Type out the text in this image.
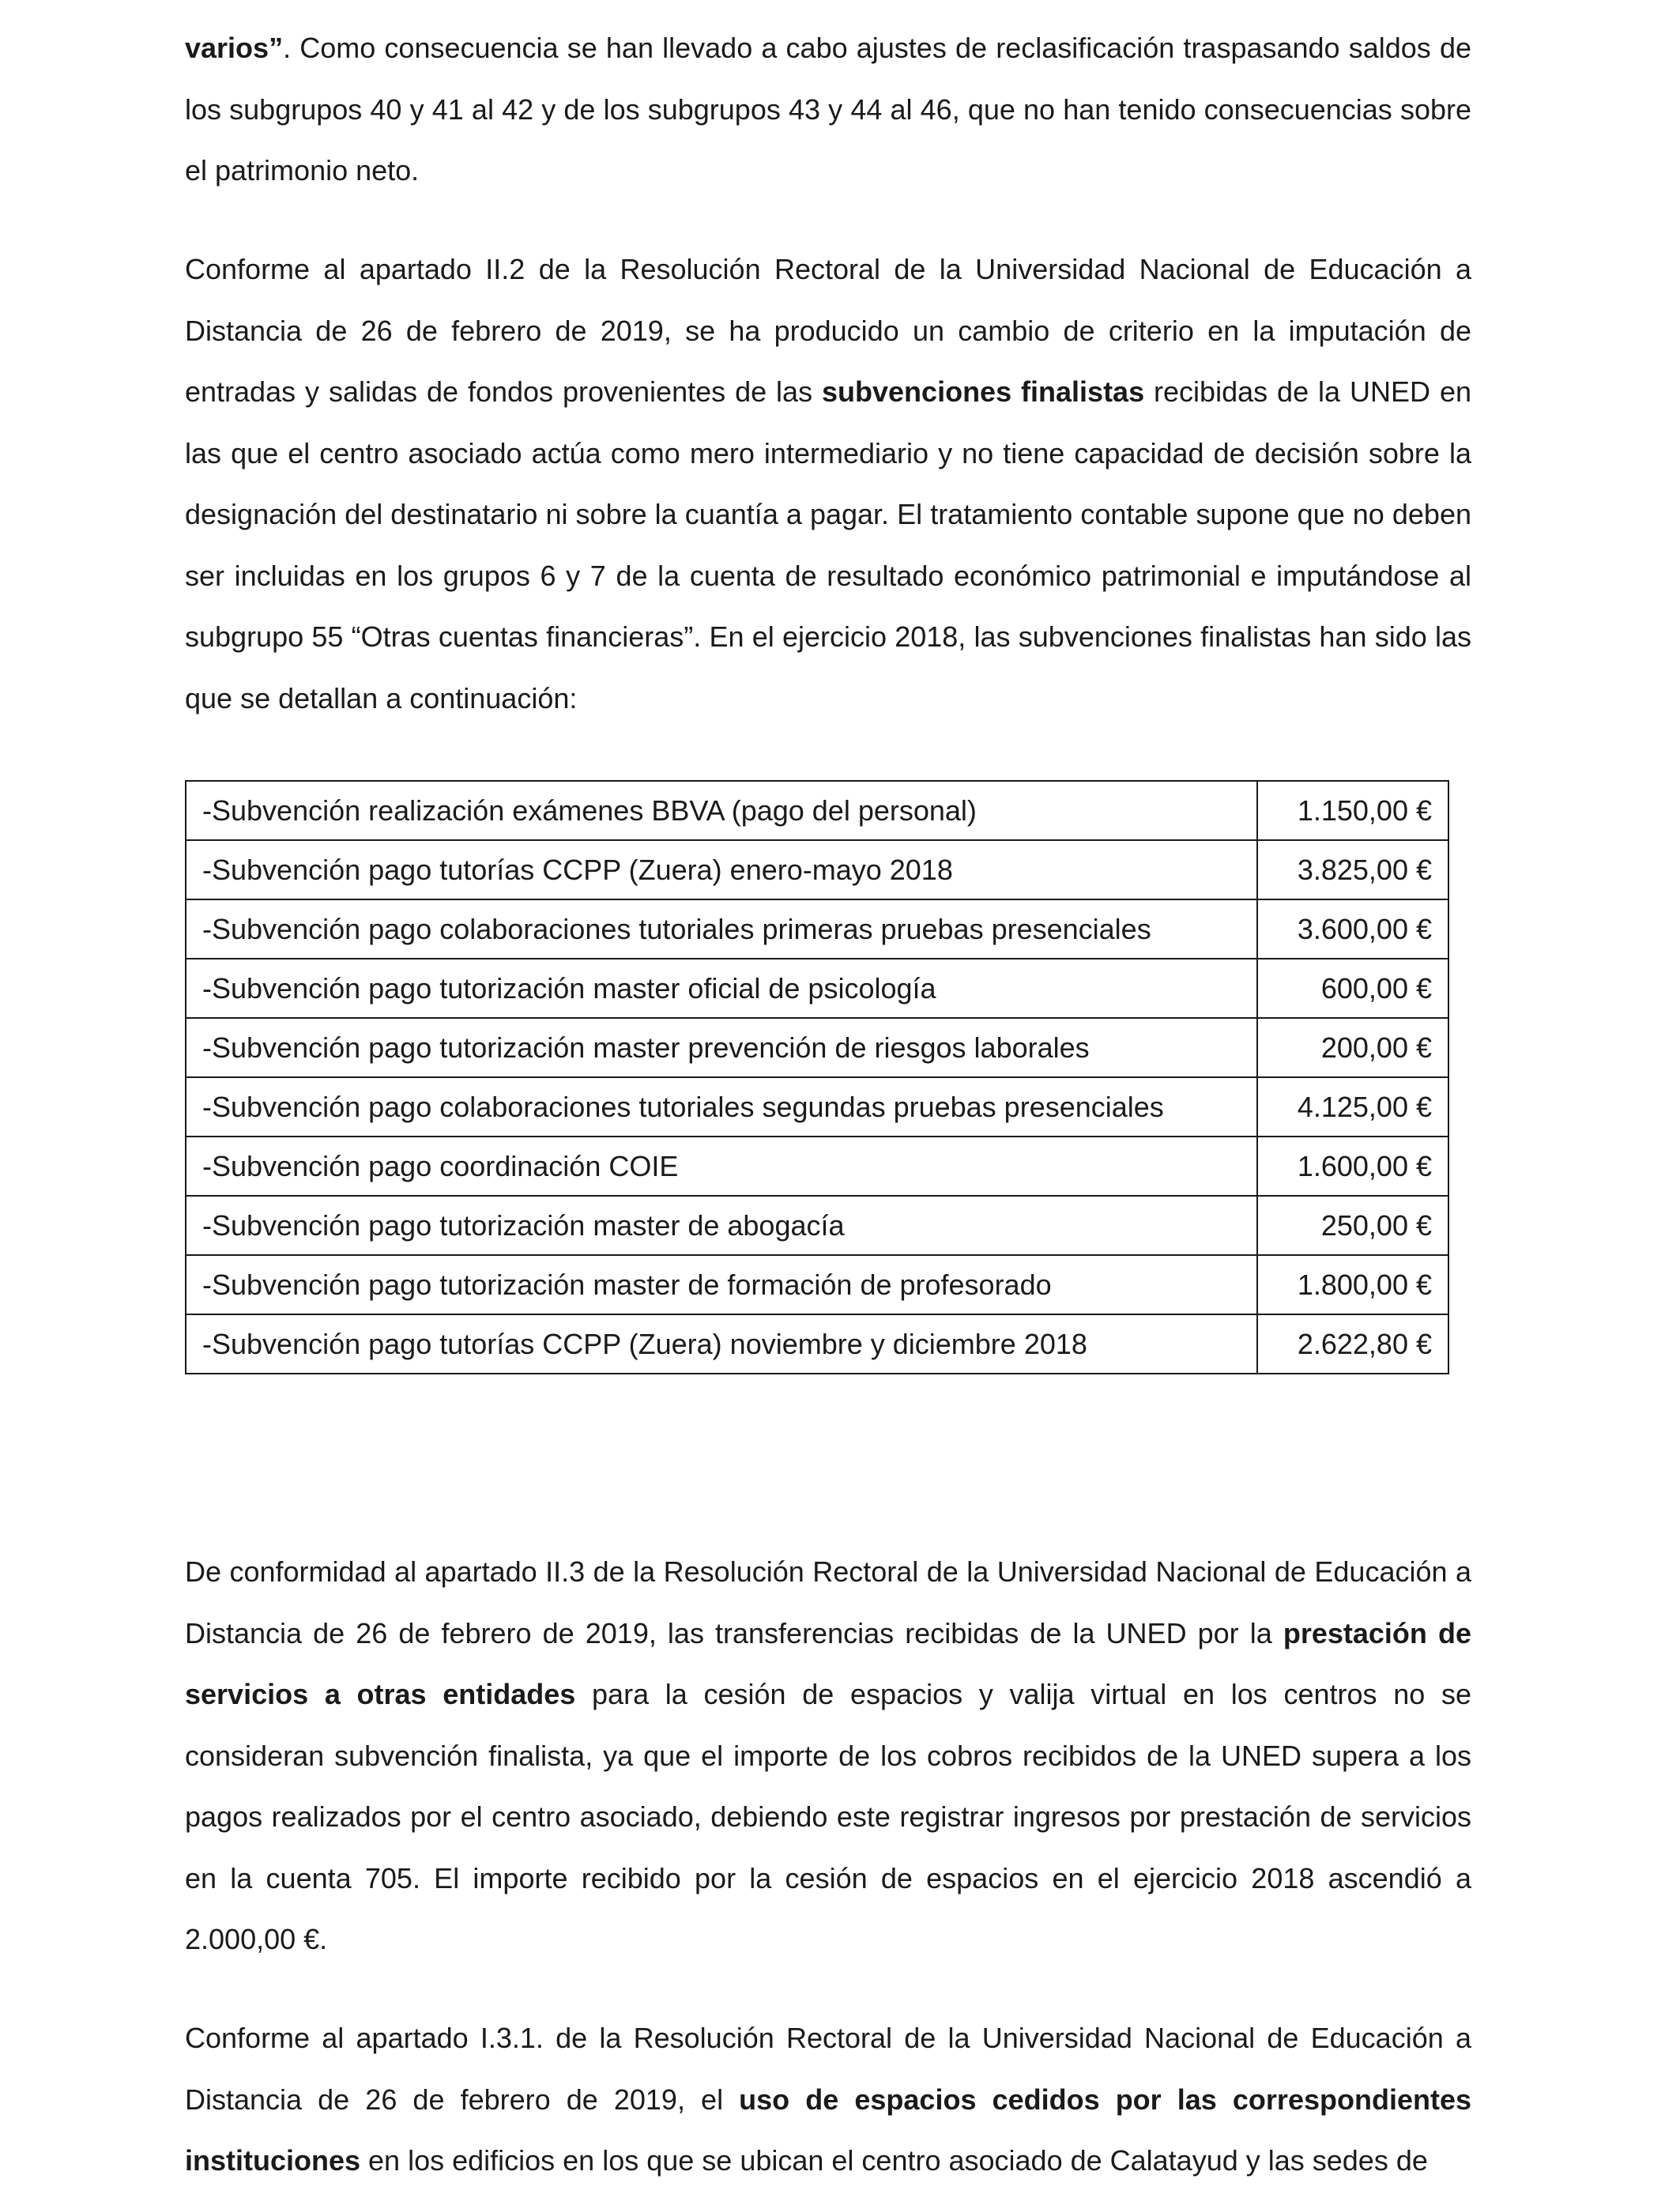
varios”. Como consecuencia se han llevado a cabo ajustes de reclasificación traspasando saldos de los subgrupos 40 y 41 al 42 y de los subgrupos 43 y 44 al 46, que no han tenido consecuencias sobre el patrimonio neto.

Conforme al apartado II.2 de la Resolución Rectoral de la Universidad Nacional de Educación a Distancia de 26 de febrero de 2019, se ha producido un cambio de criterio en la imputación de entradas y salidas de fondos provenientes de las subvenciones finalistas recibidas de la UNED en las que el centro asociado actúa como mero intermediario y no tiene capacidad de decisión sobre la designación del destinatario ni sobre la cuantía a pagar. El tratamiento contable supone que no deben ser incluidas en los grupos 6 y 7 de la cuenta de resultado económico patrimonial e imputándose al subgrupo 55 “Otras cuentas financieras”. En el ejercicio 2018, las subvenciones finalistas han sido las que se detallan a continuación:

-Subvención realización exámenes BBVA (pago del personal)	1.150,00 €
-Subvención pago tutorías CCPP (Zuera) enero-mayo 2018	3.825,00 €
-Subvención pago colaboraciones tutoriales primeras pruebas presenciales	3.600,00 €
-Subvención pago tutorización master oficial de psicología	600,00 €
-Subvención pago tutorización master prevención de riesgos laborales	200,00 €
-Subvención pago colaboraciones tutoriales segundas pruebas presenciales	4.125,00 €
-Subvención pago coordinación COIE	1.600,00 €
-Subvención pago tutorización master de abogacía	250,00 €
-Subvención pago tutorización master de formación de profesorado	1.800,00 €
-Subvención pago tutorías CCPP (Zuera) noviembre y diciembre 2018	2.622,80 €

De conformidad al apartado II.3 de la Resolución Rectoral de la Universidad Nacional de Educación a Distancia de 26 de febrero de 2019, las transferencias recibidas de la UNED por la prestación de servicios a otras entidades para la cesión de espacios y valija virtual en los centros no se consideran subvención finalista, ya que el importe de los cobros recibidos de la UNED supera a los pagos realizados por el centro asociado, debiendo este registrar ingresos por prestación de servicios en la cuenta 705. El importe recibido por la cesión de espacios en el ejercicio 2018 ascendió a 2.000,00 €.

Conforme al apartado I.3.1. de la Resolución Rectoral de la Universidad Nacional de Educación a Distancia de 26 de febrero de 2019, el uso de espacios cedidos por las correspondientes instituciones en los edificios en los que se ubican el centro asociado de Calatayud y las sedes de
